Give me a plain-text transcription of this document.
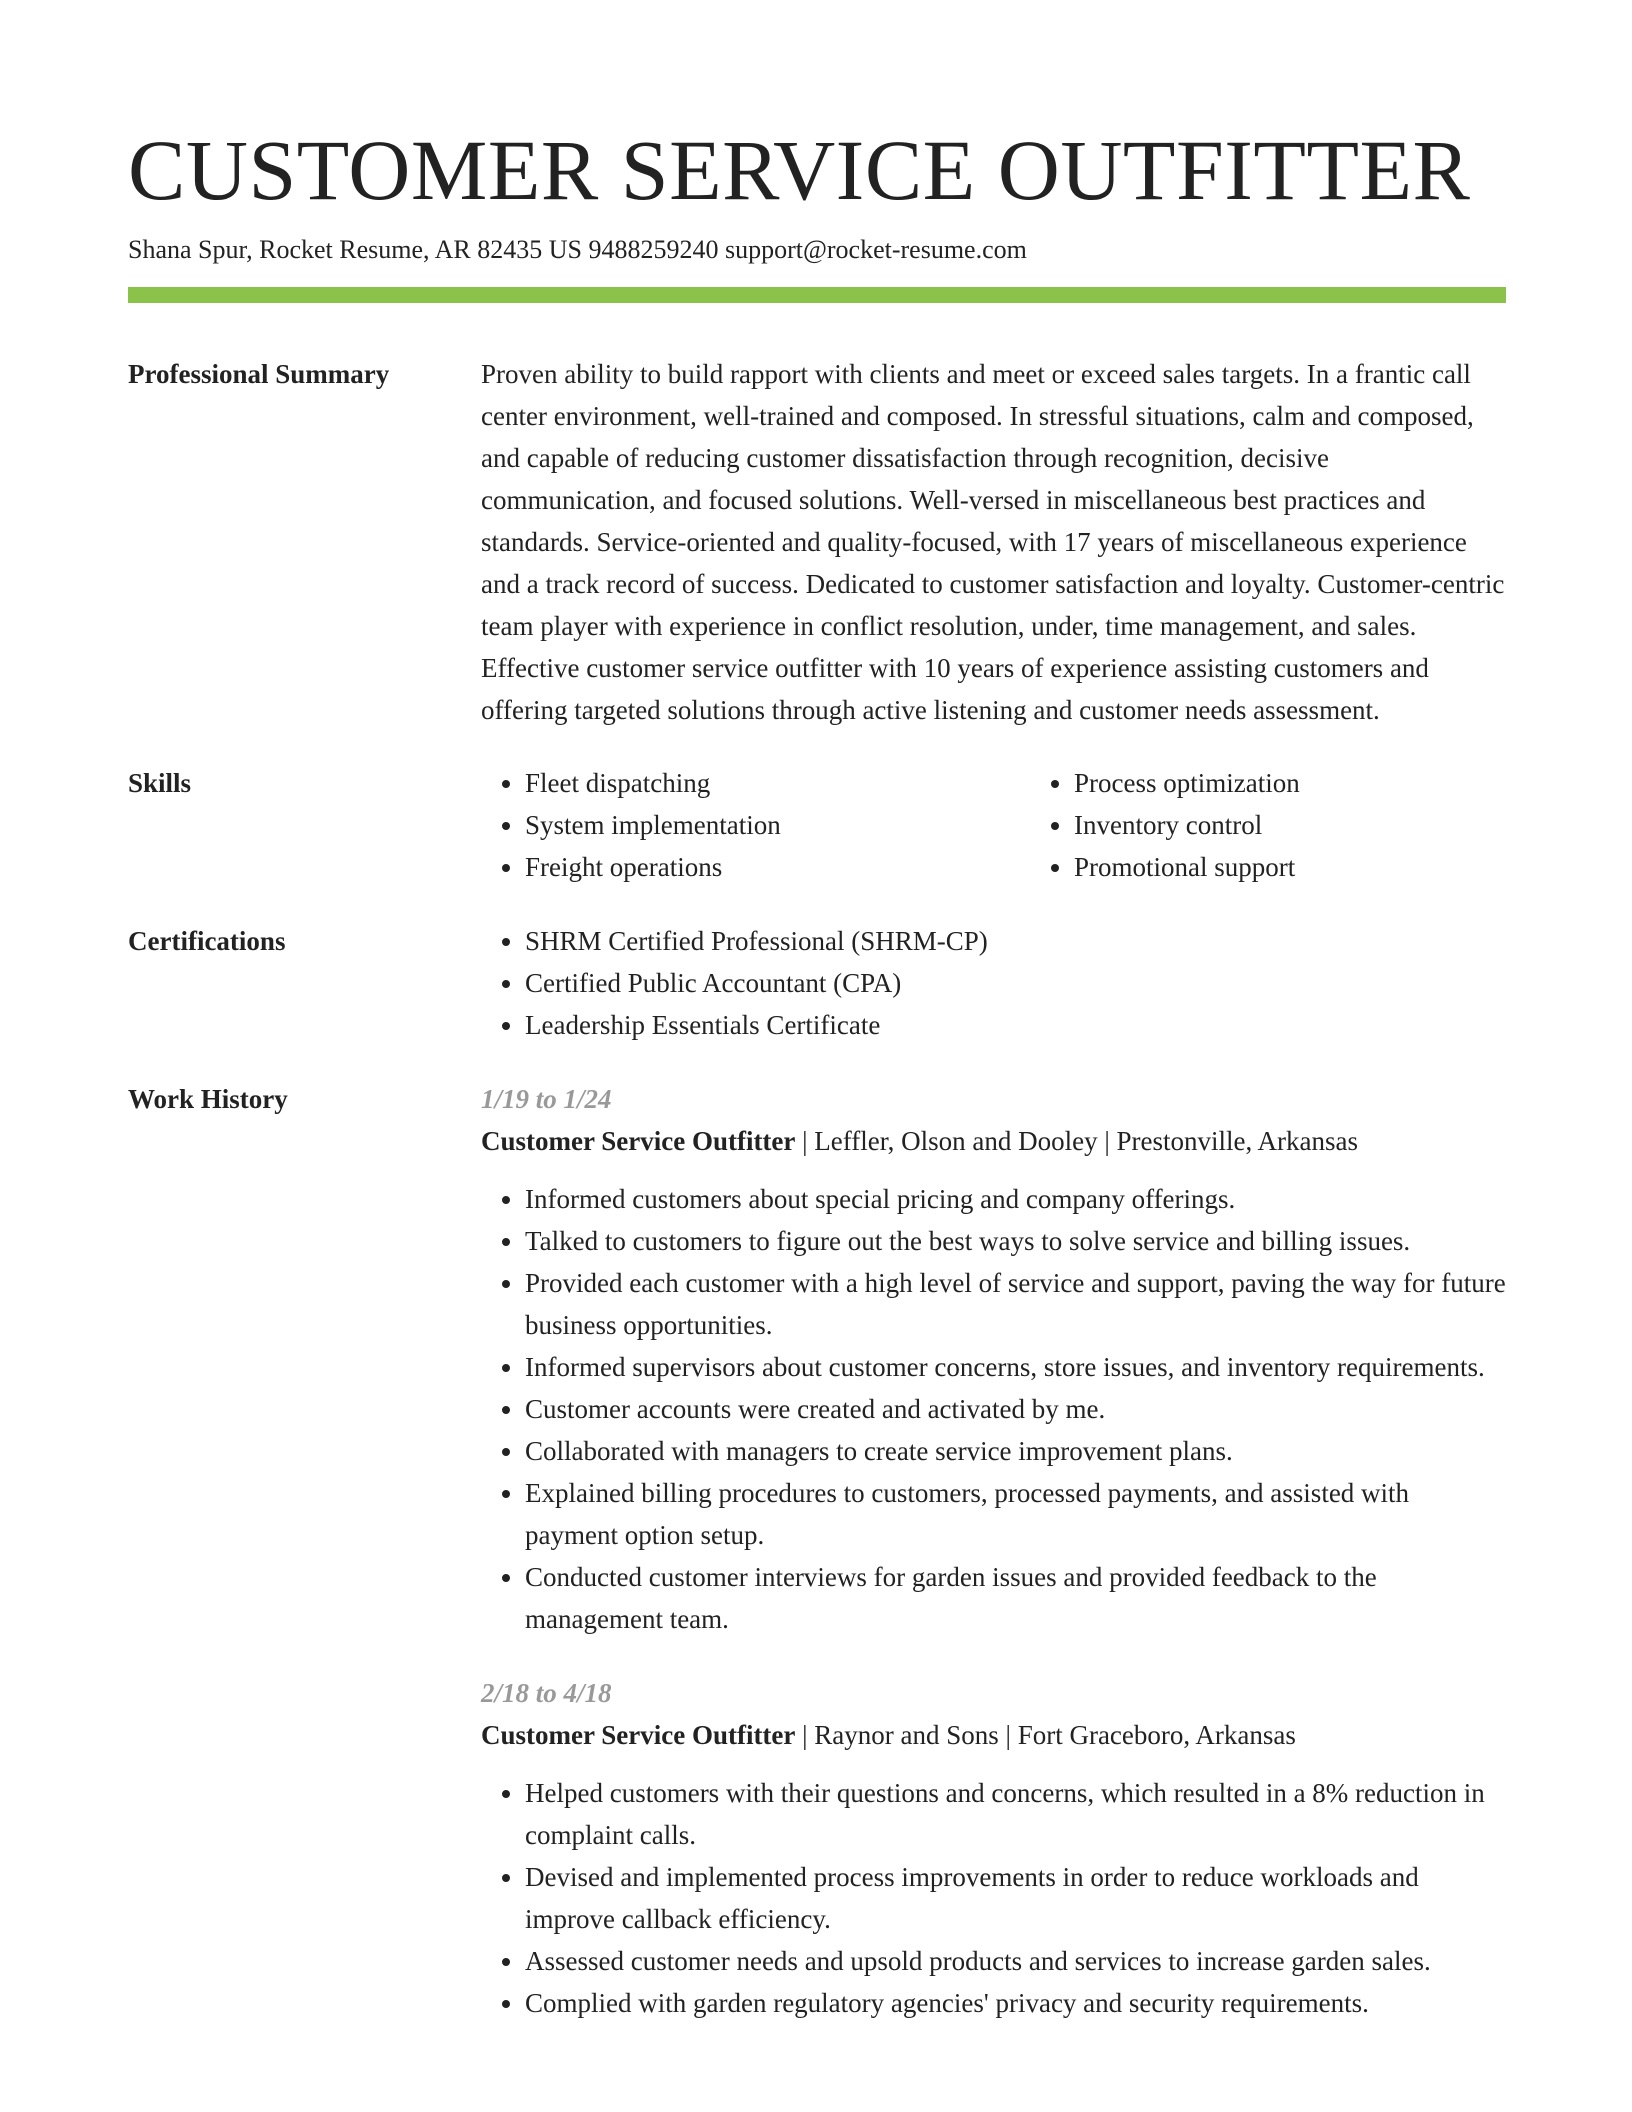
CUSTOMER SERVICE OUTFITTER
Shana Spur, Rocket Resume, AR 82435 US 9488259240 support@rocket-resume.com
Professional Summary	Proven ability to build rapport with clients and meet or exceed sales targets. In a frantic call center environment, well-trained and composed. In stressful situations, calm and composed, and capable of reducing customer dissatisfaction through recognition, decisive communication, and focused solutions. Well-versed in miscellaneous best practices and standards. Service-oriented and quality-focused, with 17 years of miscellaneous experience and a track record of success. Dedicated to customer satisfaction and loyalty. Customer-centric team player with experience in conflict resolution, under, time management, and sales. Effective customer service outfitter with 10 years of experience assisting customers and offering targeted solutions through active listening and customer needs assessment.

Skills	• Fleet dispatching
• System implementation
• Freight operations
• Process optimization
• Inventory control
• Promotional support
Certifications	• SHRM Certified Professional (SHRM-CP)
• Certified Public Accountant (CPA)
• Leadership Essentials Certificate
Work History	1/19 to 1/24
Customer Service Outfitter | Leffler, Olson and Dooley | Prestonville, Arkansas
• Informed customers about special pricing and company offerings.
• Talked to customers to figure out the best ways to solve service and billing issues.
• Provided each customer with a high level of service and support, paving the way for future business opportunities.
• Informed supervisors about customer concerns, store issues, and inventory requirements.
• Customer accounts were created and activated by me.
• Collaborated with managers to create service improvement plans.
• Explained billing procedures to customers, processed payments, and assisted with payment option setup.
• Conducted customer interviews for garden issues and provided feedback to the management team.
2/18 to 4/18
Customer Service Outfitter | Raynor and Sons | Fort Graceboro, Arkansas
• Helped customers with their questions and concerns, which resulted in a 8% reduction in complaint calls.
• Devised and implemented process improvements in order to reduce workloads and improve callback efficiency.
• Assessed customer needs and upsold products and services to increase garden sales.
• Complied with garden regulatory agencies' privacy and security requirements.
